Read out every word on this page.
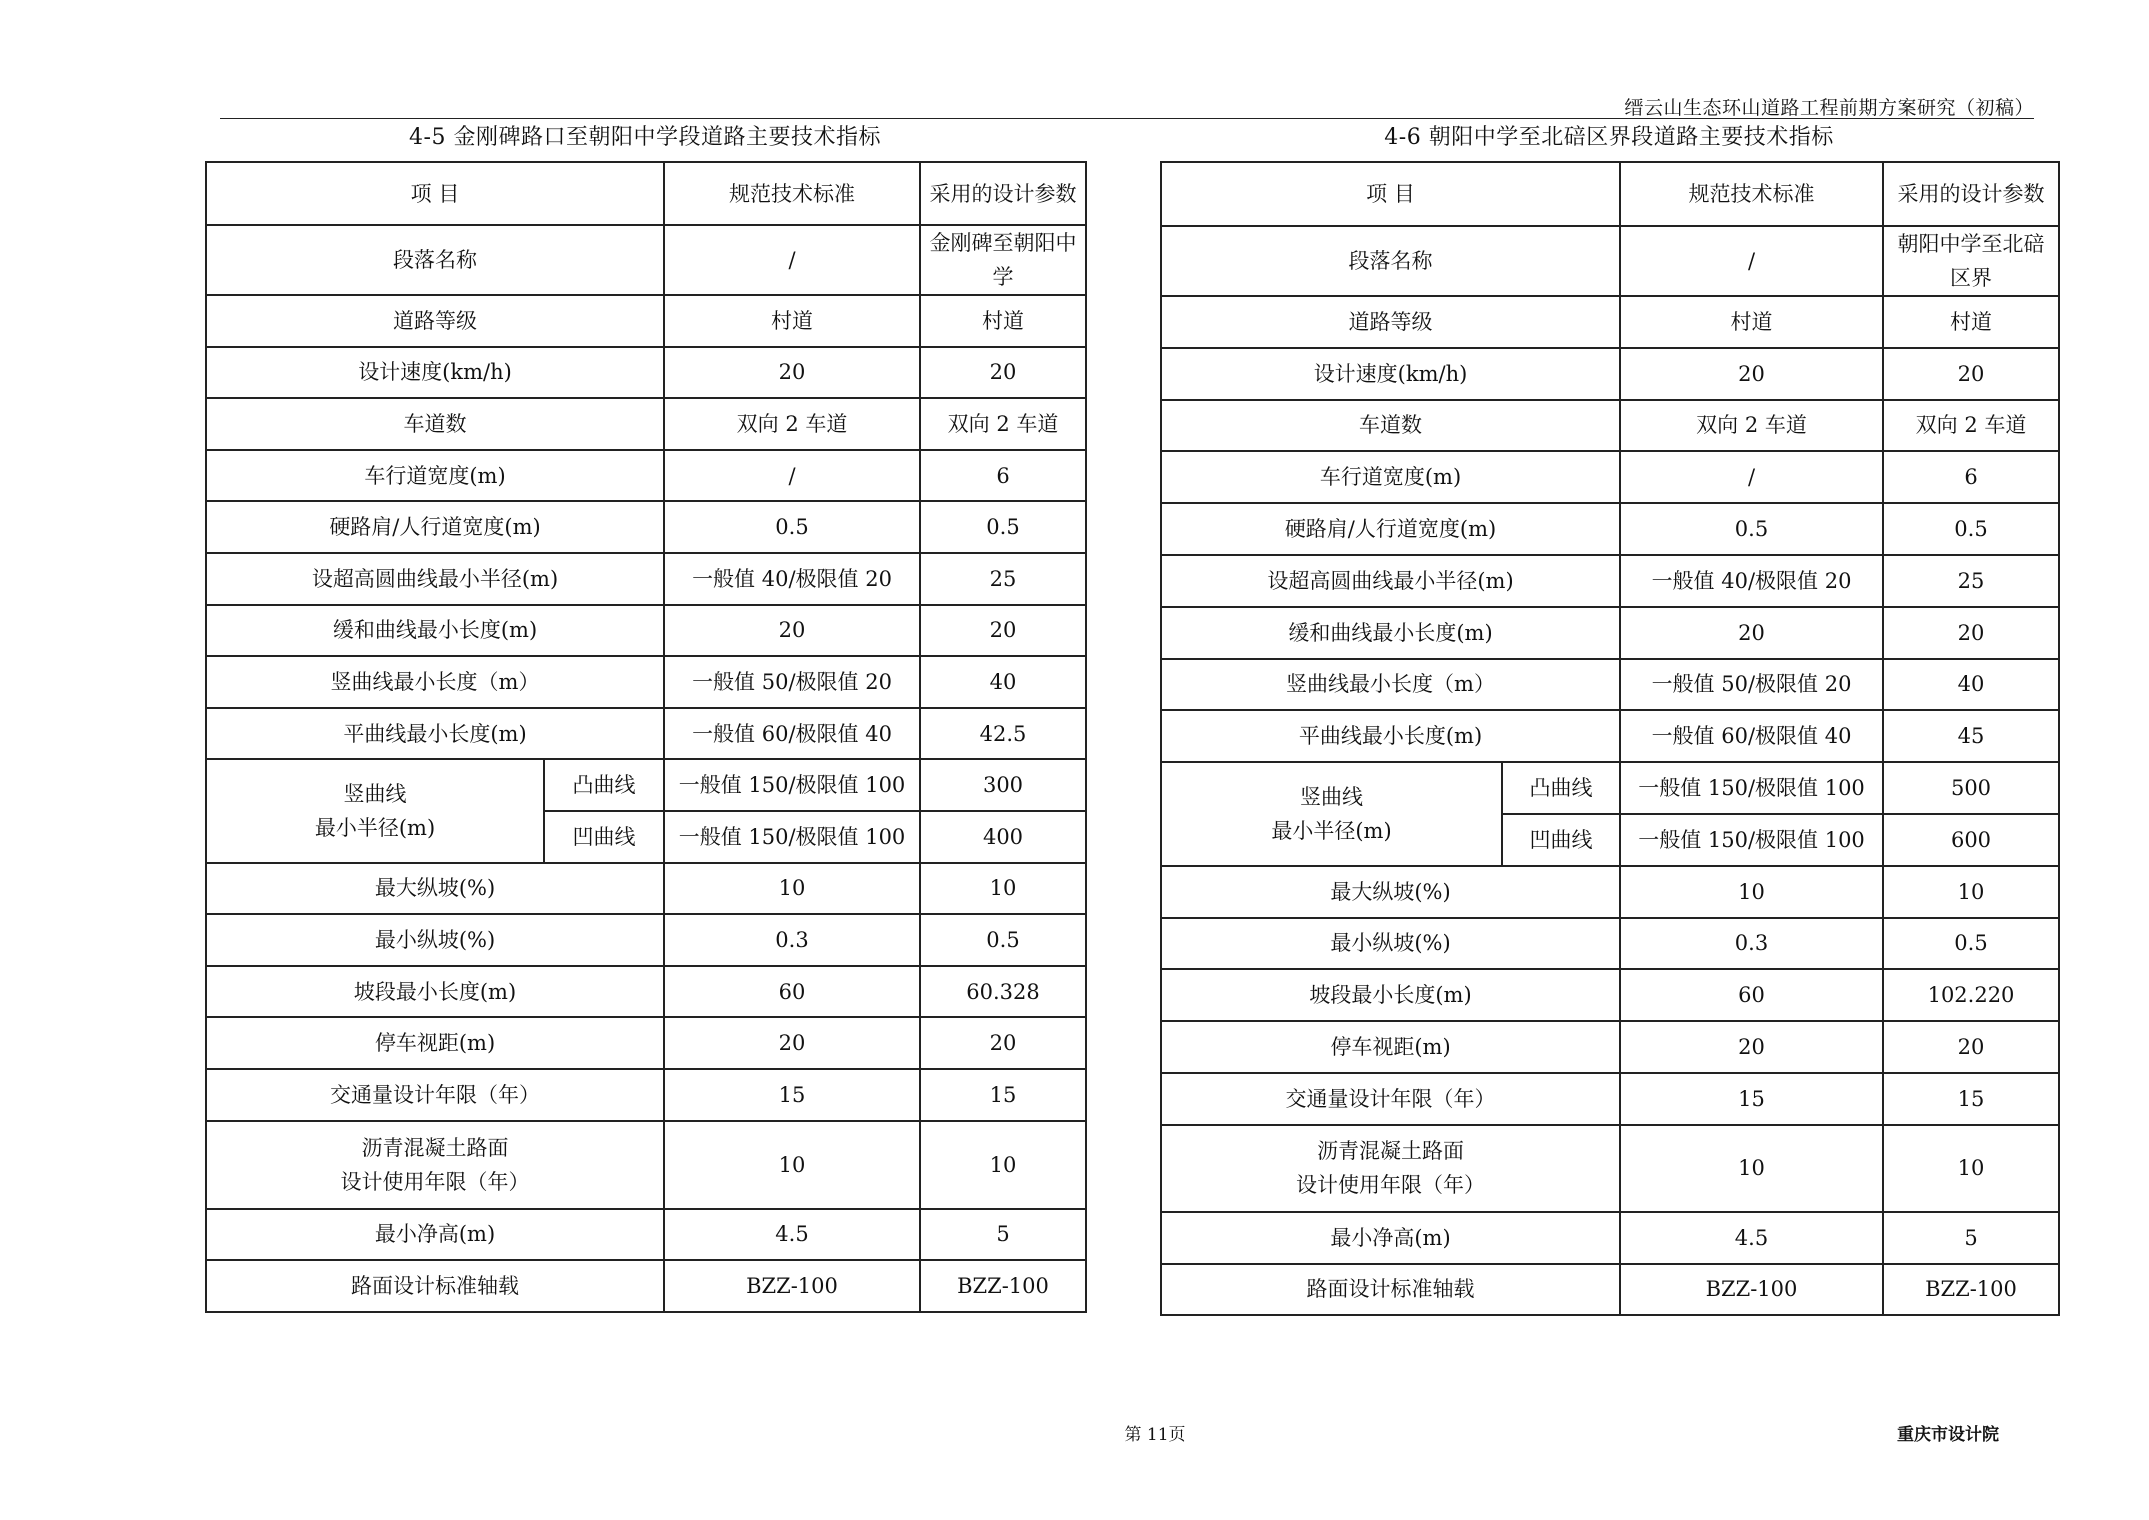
缙云山生态环山道路工程前期方案研究（初稿）
4-5 金刚碑路口至朝阳中学段道路主要技术指标	4-6 朝阳中学至北碚区界段道路主要技术指标
项 目		规范技术标准	采用的设计参数
段落名称		/	金刚碑至朝阳中学
道路等级		村道	村道
设计速度(km/h)		20	20
车道数		双向 2 车道	双向 2 车道
车行道宽度(m)		/	6
硬路肩/人行道宽度(m)		0.5	0.5
设超高圆曲线最小半径(m)		一般值 40/极限值 20	25
缓和曲线最小长度(m)		20	20
竖曲线最小长度（m）		一般值 50/极限值 20	40
平曲线最小长度(m)		一般值 60/极限值 40	42.5
竖曲线
最小半径(m)	凸曲线	一般值 150/极限值 100	300
	凹曲线	一般值 150/极限值 100	400
最大纵坡(%)		10	10
最小纵坡(%)		0.3	0.5
坡段最小长度(m)		60	60.328
停车视距(m)		20	20
交通量设计年限（年）		15	15
沥青混凝土路面
设计使用年限（年）		10	10
最小净高(m)		4.5	5
路面设计标准轴载		BZZ-100	BZZ-100
项 目		规范技术标准	采用的设计参数
段落名称		/	朝阳中学至北碚区界
道路等级		村道	村道
设计速度(km/h)		20	20
车道数		双向 2 车道	双向 2 车道
车行道宽度(m)		/	6
硬路肩/人行道宽度(m)		0.5	0.5
设超高圆曲线最小半径(m)		一般值 40/极限值 20	25
缓和曲线最小长度(m)		20	20
竖曲线最小长度（m）		一般值 50/极限值 20	40
平曲线最小长度(m)		一般值 60/极限值 40	45
竖曲线
最小半径(m)	凸曲线	一般值 150/极限值 100	500
	凹曲线	一般值 150/极限值 100	600
最大纵坡(%)		10	10
最小纵坡(%)		0.3	0.5
坡段最小长度(m)		60	102.220
停车视距(m)		20	20
交通量设计年限（年）		15	15
沥青混凝土路面
设计使用年限（年）		10	10
最小净高(m)		4.5	5
路面设计标准轴载		BZZ-100	BZZ-100
第 11页	重庆市设计院
